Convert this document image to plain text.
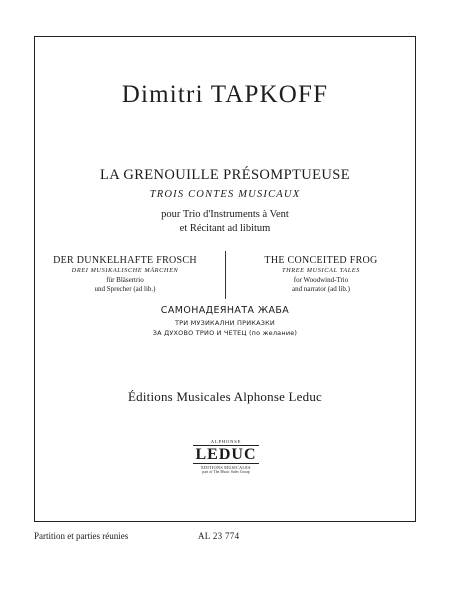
Dimitri TAPKOFF
LA GRENOUILLE PRÉSOMPTUEUSE
TROIS CONTES MUSICAUX
pour Trio d'Instruments à Vent
et Récitant ad libitum
DER DUNKELHAFTE FROSCH
DREI MUSIKALISCHE MÄRCHEN
für Bläsertrio
und Sprecher (ad lib.)
THE CONCEITED FROG
THREE MUSICAL TALES
for Woodwind-Trio
and narrator (ad lib.)
САМОНАДЕЯНАТА ЖАБА
ТРИ МУЗИКАЛНИ ПРИКАЗКИ
ЗА ДУХОВО ТРИО И ЧЕТЕЦ (по желание)
Éditions Musicales Alphonse Leduc
ALPHONSE
LEDUC
EDITIONS MUSICALES
part of The Music Sales Group
Partition et parties réunies	AL 23 774
